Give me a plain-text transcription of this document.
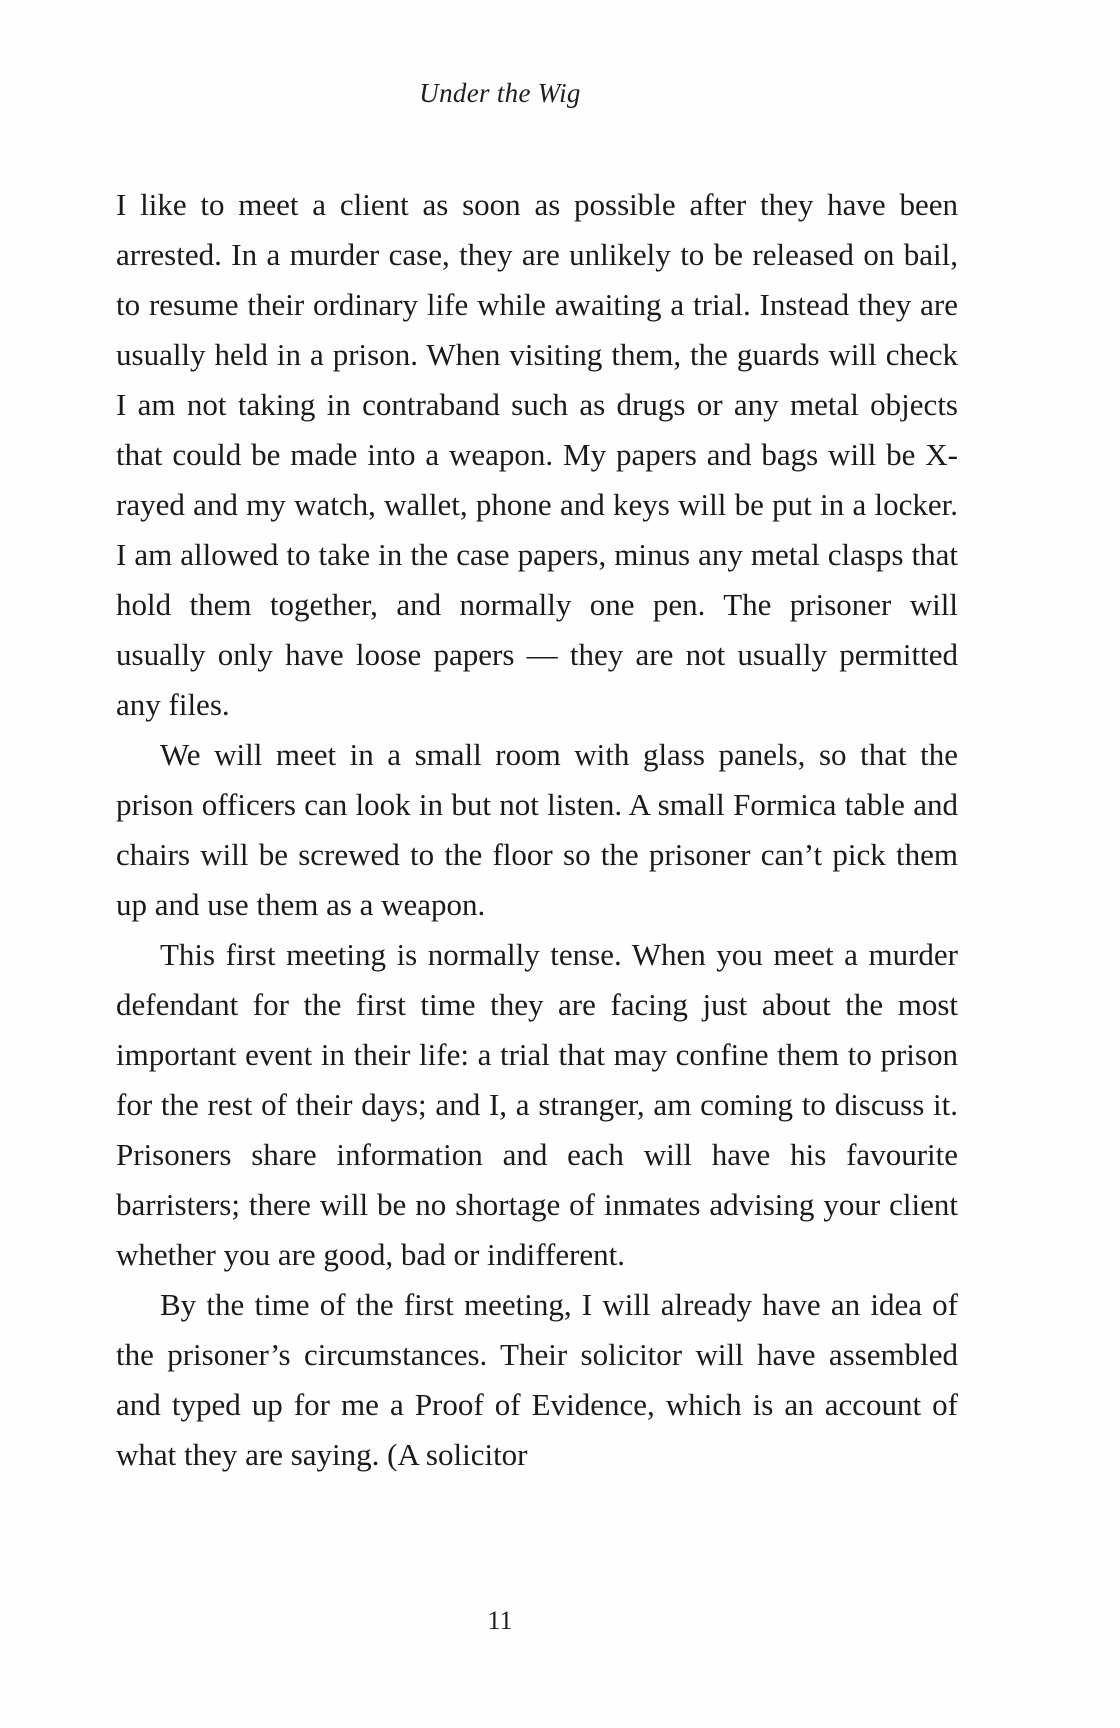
Under the Wig

I like to meet a client as soon as possible after they have been arrested. In a murder case, they are unlikely to be released on bail, to resume their ordinary life while awaiting a trial. Instead they are usually held in a prison. When visiting them, the guards will check I am not taking in contraband such as drugs or any metal objects that could be made into a weapon. My papers and bags will be X-rayed and my watch, wallet, phone and keys will be put in a locker. I am allowed to take in the case papers, minus any metal clasps that hold them together, and normally one pen. The prisoner will usually only have loose papers — they are not usually permitted any files.

We will meet in a small room with glass panels, so that the prison officers can look in but not listen. A small Formica table and chairs will be screwed to the floor so the prisoner can’t pick them up and use them as a weapon.

This first meeting is normally tense. When you meet a murder defendant for the first time they are facing just about the most important event in their life: a trial that may confine them to prison for the rest of their days; and I, a stranger, am coming to discuss it. Prisoners share information and each will have his favourite barristers; there will be no shortage of inmates advising your client whether you are good, bad or indifferent.

By the time of the first meeting, I will already have an idea of the prisoner’s circumstances. Their solicitor will have assembled and typed up for me a Proof of Evidence, which is an account of what they are saying. (A solicitor

11
